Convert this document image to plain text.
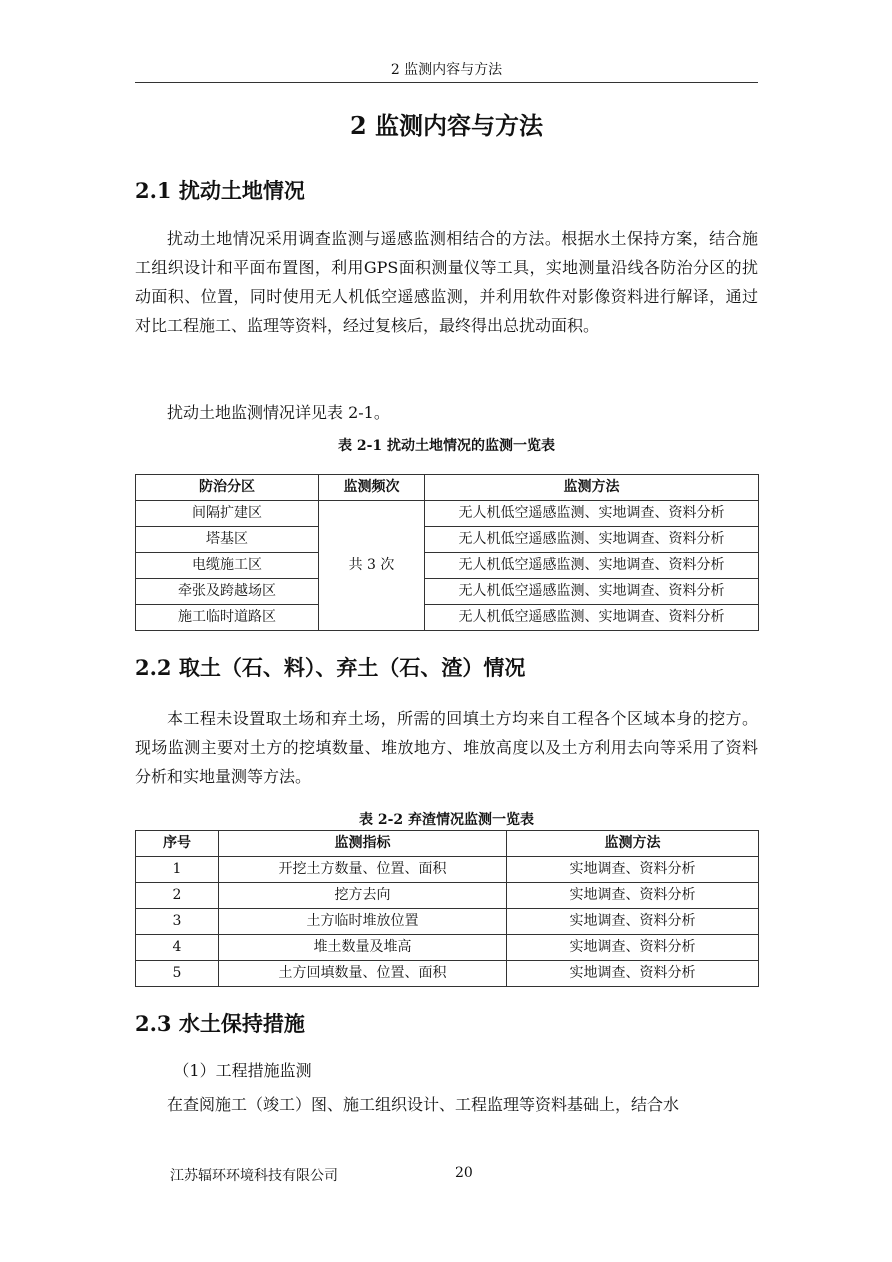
2 监测内容与方法
2 监测内容与方法
2.1 扰动土地情况

扰动土地情况采用调查监测与遥感监测相结合的方法。根据水土保持方案，结合施工组织设计和平面布置图，利用GPS面积测量仪等工具，实地测量沿线各防治分区的扰动面积、位置，同时使用无人机低空遥感监测，并利用软件对影像资料进行解译，通过对比工程施工、监理等资料，经过复核后，最终得出总扰动面积。

扰动土地监测情况详见表 2-1。

表 2-1 扰动土地情况的监测一览表
防治分区	监测频次	监测方法
间隔扩建区	共 3 次	无人机低空遥感监测、实地调查、资料分析
塔基区		无人机低空遥感监测、实地调查、资料分析
电缆施工区		无人机低空遥感监测、实地调查、资料分析
牵张及跨越场区		无人机低空遥感监测、实地调查、资料分析
施工临时道路区		无人机低空遥感监测、实地调查、资料分析
2.2 取土（石、料）、弃土（石、渣）情况

本工程未设置取土场和弃土场，所需的回填土方均来自工程各个区域本身的挖方。现场监测主要对土方的挖填数量、堆放地方、堆放高度以及土方利用去向等采用了资料分析和实地量测等方法。

表 2-2 弃渣情况监测一览表
序号	监测指标	监测方法
1	开挖土方数量、位置、面积	实地调查、资料分析
2	挖方去向	实地调查、资料分析
3	土方临时堆放位置	实地调查、资料分析
4	堆土数量及堆高	实地调查、资料分析
5	土方回填数量、位置、面积	实地调查、资料分析
2.3 水土保持措施

（1）工程措施监测

在查阅施工（竣工）图、施工组织设计、工程监理等资料基础上，结合水

江苏辐环环境科技有限公司	20
